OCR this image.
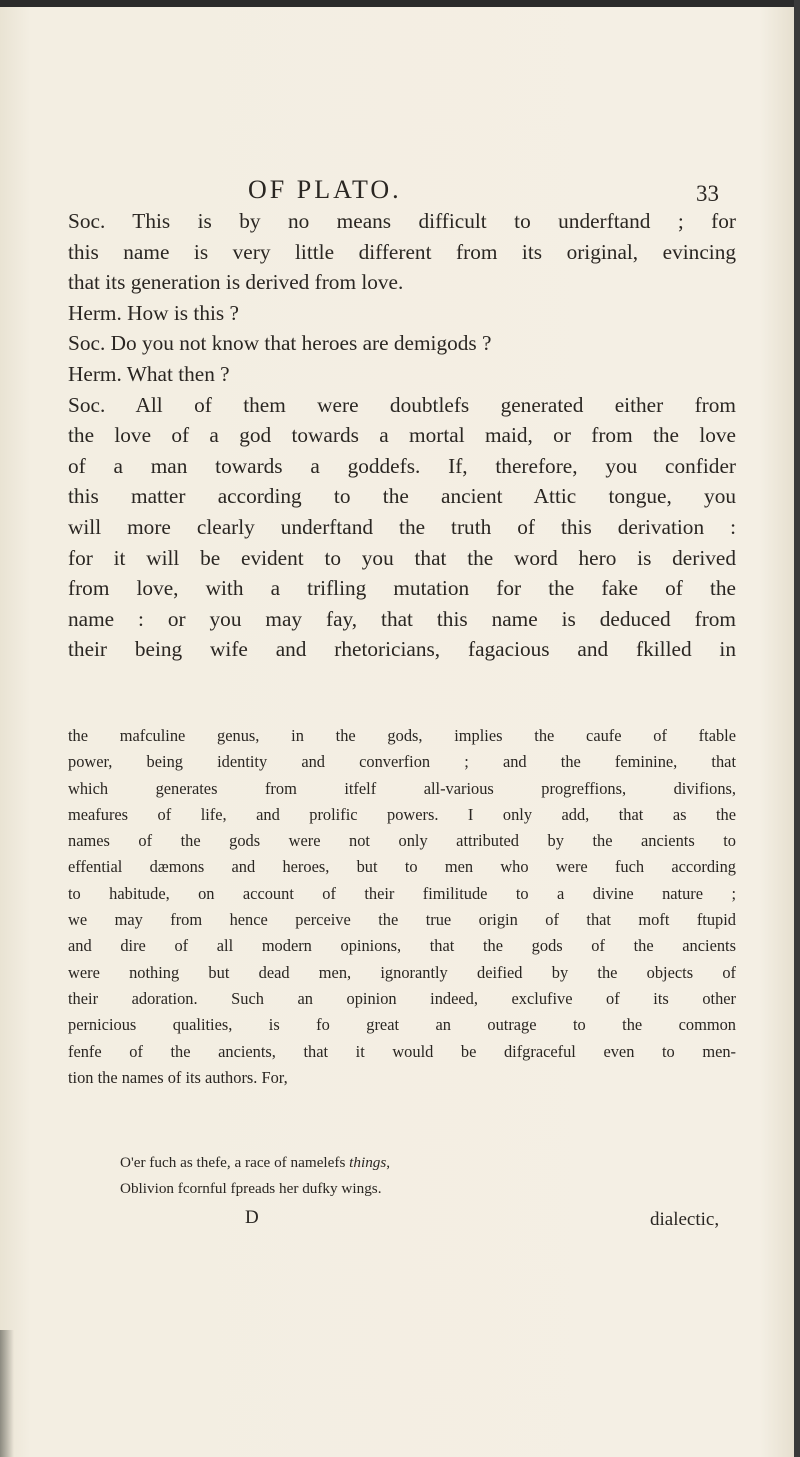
OF PLATO.	33
Soc. This is by no means difficult to underftand ; for
this name is very little different from its original, evincing
that its generation is derived from love.
Herm. How is this ?
Soc. Do you not know that heroes are demigods ?
Herm. What then ?
Soc. All of them were doubtlefs generated either from
the love of a god towards a mortal maid, or from the love
of a man towards a goddefs. If, therefore, you confider
this matter according to the ancient Attic tongue, you
will more clearly underftand the truth of this derivation :
for it will be evident to you that the word hero is derived
from love, with a trifling mutation for the fake of the
name : or you may fay, that this name is deduced from
their being wife and rhetoricians, fagacious and fkilled in
the mafculine genus, in the gods, implies the caufe of ftable
power, being identity and converfion ; and the feminine, that
which generates from itfelf all-various progreffions, divifions,
meafures of life, and prolific powers. I only add, that as the
names of the gods were not only attributed by the ancients to
effential dæmons and heroes, but to men who were fuch according
to habitude, on account of their fimilitude to a divine nature ;
we may from hence perceive the true origin of that moft ftupid
and dire of all modern opinions, that the gods of the ancients
were nothing but dead men, ignorantly deified by the objects of
their adoration. Such an opinion indeed, exclufive of its other
pernicious qualities, is fo great an outrage to the common
fenfe of the ancients, that it would be difgraceful even to men-
tion the names of its authors. For,
O'er fuch as thefe, a race of namelefs things,
Oblivion fcornful fpreads her dufky wings.
D	dialectic,
